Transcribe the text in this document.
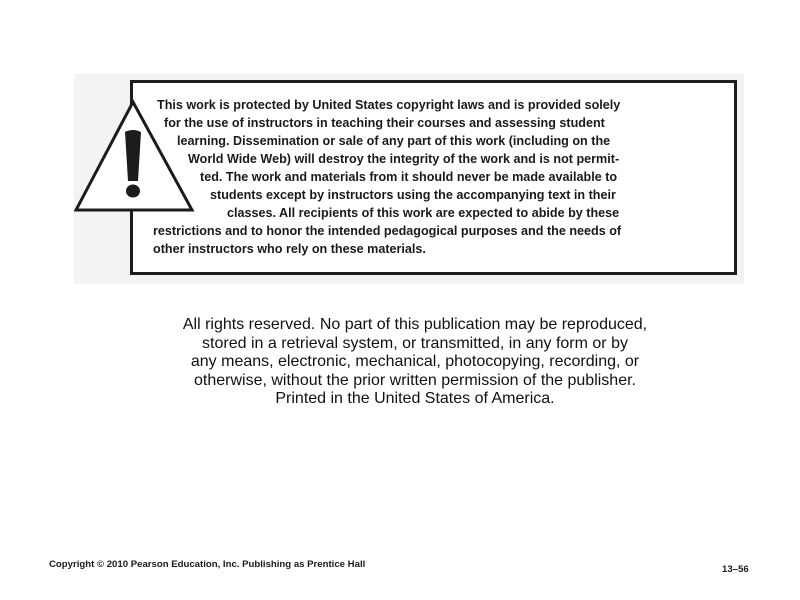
This work is protected by United States copyright laws and is provided solely

for the use of instructors in teaching their courses and assessing student

learning. Dissemination or sale of any part of this work (including on the

World Wide Web) will destroy the integrity of the work and is not permit-

ted. The work and materials from it should never be made available to

students except by instructors using the accompanying text in their

classes. All recipients of this work are expected to abide by these

restrictions and to honor the intended pedagogical purposes and the needs of

other instructors who rely on these materials.

All rights reserved. No part of this publication may be reproduced,
stored in a retrieval system, or transmitted, in any form or by
any means, electronic, mechanical, photocopying, recording, or
otherwise, without the prior written permission of the publisher.
Printed in the United States of America.
Copyright © 2010 Pearson Education, Inc. Publishing as Prentice Hall	13–56
